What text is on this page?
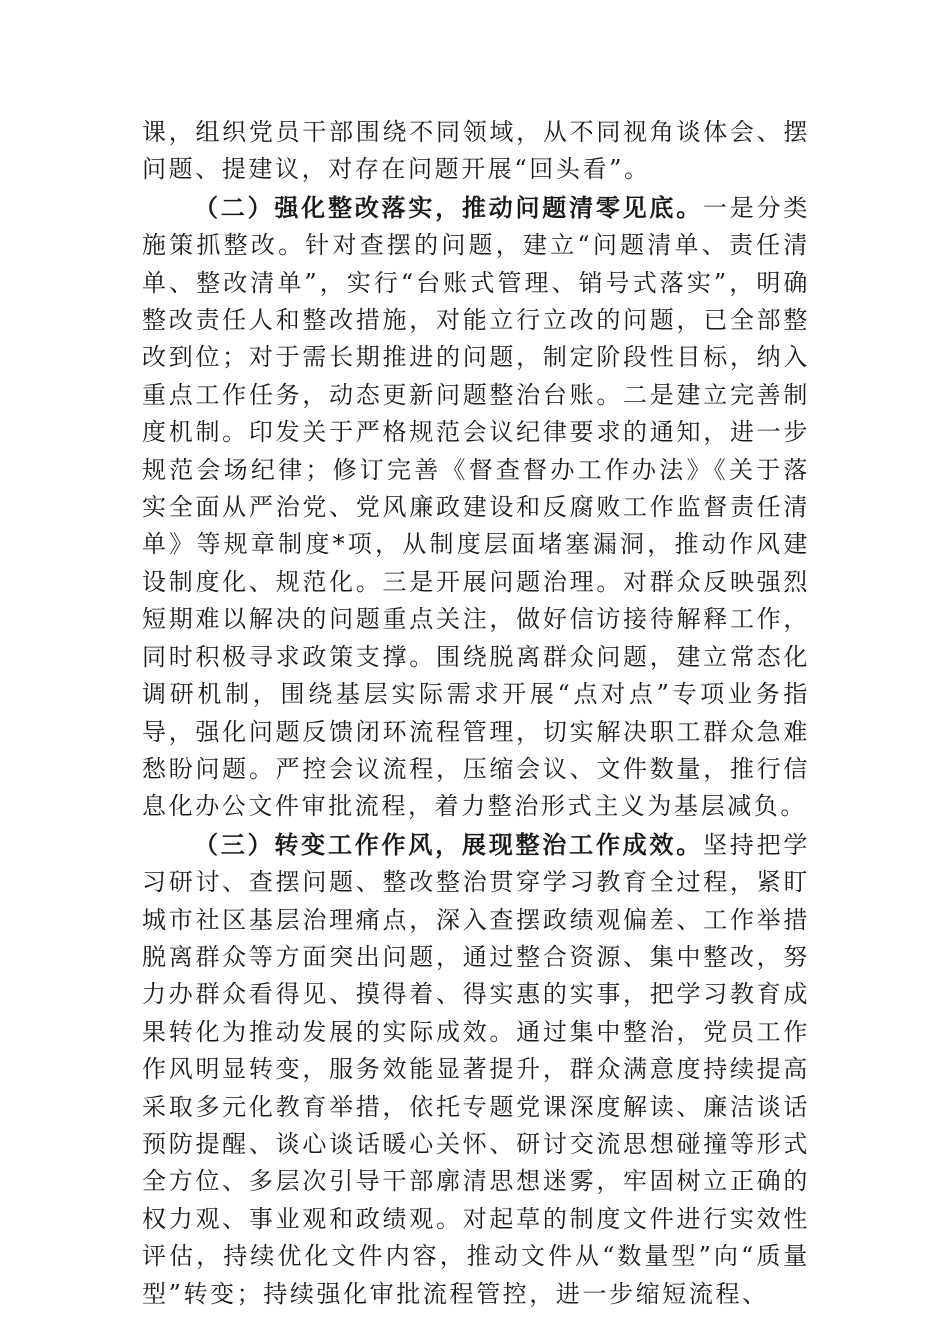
课，组织党员干部围绕不同领域，从不同视角谈体会、摆问题、提建议，对存在问题开展“回头看”。

（二）强化整改落实，推动问题清零见底。一是分类施策抓整改。针对查摆的问题，建立“问题清单、责任清单、整改清单”，实行“台账式管理、销号式落实”，明确整改责任人和整改措施，对能立行立改的问题，已全部整改到位；对于需长期推进的问题，制定阶段性目标，纳入重点工作任务，动态更新问题整治台账。二是建立完善制度机制。印发关于严格规范会议纪律要求的通知，进一步规范会场纪律；修订完善《督查督办工作办法》《关于落实全面从严治党、党风廉政建设和反腐败工作监督责任清单》等规章制度*项，从制度层面堵塞漏洞，推动作风建设制度化、规范化。三是开展问题治理。对群众反映强烈短期难以解决的问题重点关注，做好信访接待解释工作，同时积极寻求政策支撑。围绕脱离群众问题，建立常态化调研机制，围绕基层实际需求开展“点对点”专项业务指导，强化问题反馈闭环流程管理，切实解决职工群众急难愁盼问题。严控会议流程，压缩会议、文件数量，推行信息化办公文件审批流程，着力整治形式主义为基层减负。

（三）转变工作作风，展现整治工作成效。坚持把学习研讨、查摆问题、整改整治贯穿学习教育全过程，紧盯城市社区基层治理痛点，深入查摆政绩观偏差、工作举措脱离群众等方面突出问题，通过整合资源、集中整改，努力办群众看得见、摸得着、得实惠的实事，把学习教育成果转化为推动发展的实际成效。通过集中整治，党员工作作风明显转变，服务效能显著提升，群众满意度持续提高采取多元化教育举措，依托专题党课深度解读、廉洁谈话预防提醒、谈心谈话暖心关怀、研讨交流思想碰撞等形式全方位、多层次引导干部廓清思想迷雾，牢固树立正确的权力观、事业观和政绩观。对起草的制度文件进行实效性评估，持续优化文件内容，推动文件从“数量型”向“质量型”转变；持续强化审批流程管控，进一步缩短流程、
